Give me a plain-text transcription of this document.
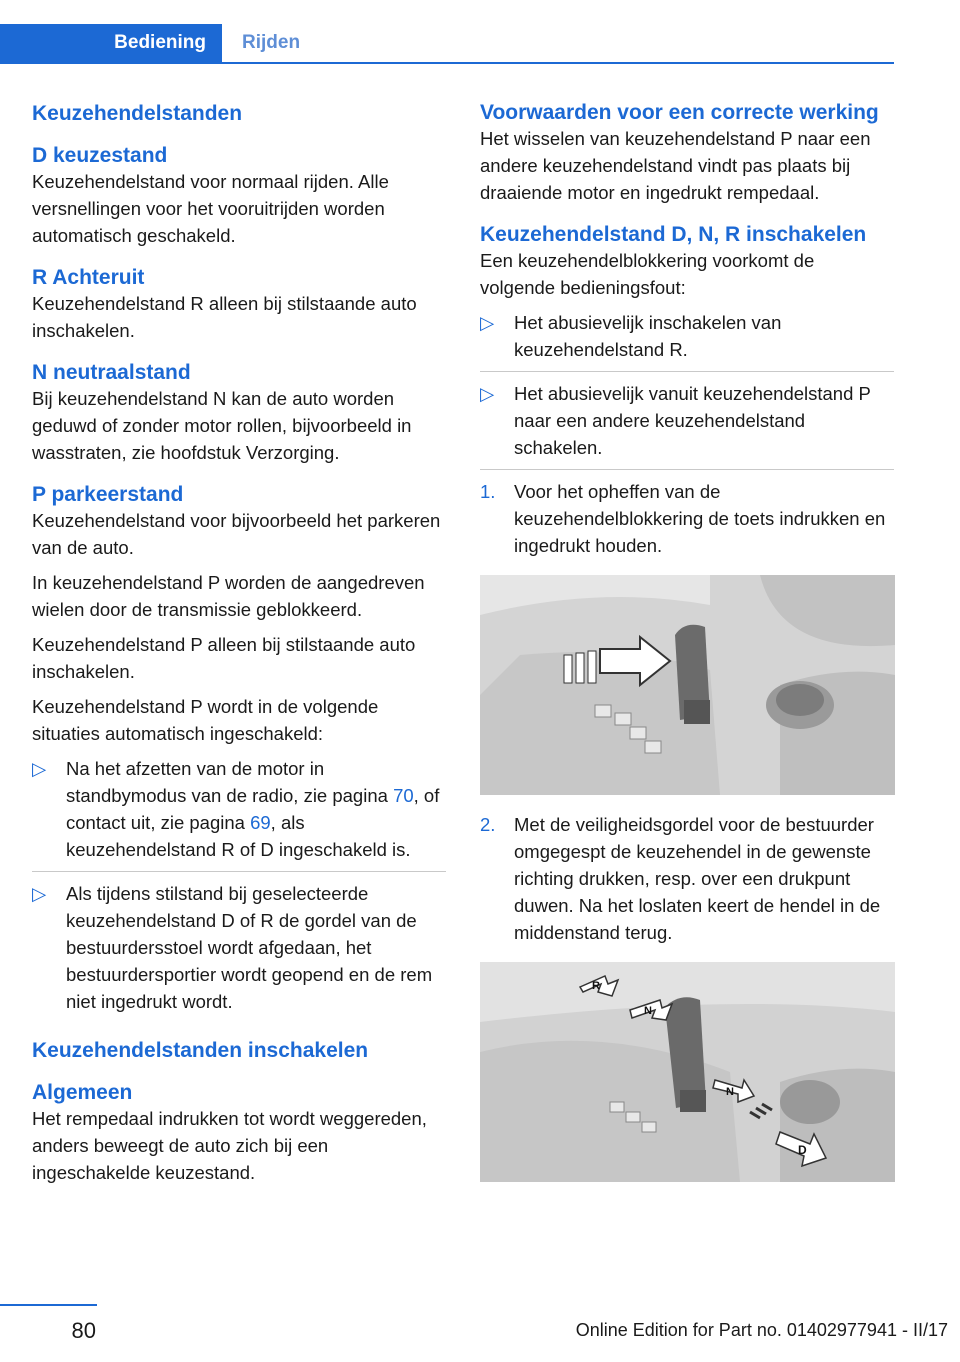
Bediening Rijden
Keuzehendelstanden
D keuzestand

Keuzehendelstand voor normaal rijden. Alle versnellingen voor het vooruitrijden worden automatisch geschakeld.

R Achteruit

Keuzehendelstand R alleen bij stilstaande auto inschakelen.

N neutraalstand

Bij keuzehendelstand N kan de auto worden geduwd of zonder motor rollen, bijvoorbeeld in wasstraten, zie hoofdstuk Verzorging.

P parkeerstand

Keuzehendelstand voor bijvoorbeeld het parkeren van de auto.

In keuzehendelstand P worden de aangedreven wielen door de transmissie geblokkeerd.

Keuzehendelstand P alleen bij stilstaande auto inschakelen.

Keuzehendelstand P wordt in de volgende situaties automatisch ingeschakeld:

▷ Na het afzetten van de motor in standbymodus van de radio, zie pagina 70, of contact uit, zie pagina 69, als keuzehendelstand R of D ingeschakeld is.
▷ Als tijdens stilstand bij geselecteerde keuzehendelstand D of R de gordel van de bestuurdersstoel wordt afgedaan, het bestuurdersportier wordt geopend en de rem niet ingedrukt wordt.
Keuzehendelstanden inschakelen
Algemeen

Het rempedaal indrukken tot wordt weggereden, anders beweegt de auto zich bij een ingeschakelde keuzestand.

Voorwaarden voor een correcte werking

Het wisselen van keuzehendelstand P naar een andere keuzehendelstand vindt pas plaats bij draaiende motor en ingedrukt rempedaal.

Keuzehendelstand D, N, R inschakelen

Een keuzehendelblokkering voorkomt de volgende bedieningsfout:

▷ Het abusievelijk inschakelen van keuzehendelstand R.
▷ Het abusievelijk vanuit keuzehendelstand P naar een andere keuzehendelstand schakelen.
1. Voor het opheffen van de keuzehendelblokkering de toets indrukken en ingedrukt houden.
2. Met de veiligheidsgordel voor de bestuurder omgegespt de keuzehendel in de gewenste richting drukken, resp. over een drukpunt duwen. Na het loslaten keert de hendel in de middenstand terug.
R
N
N
D
80	Online Edition for Part no. 01402977941 - II/17
